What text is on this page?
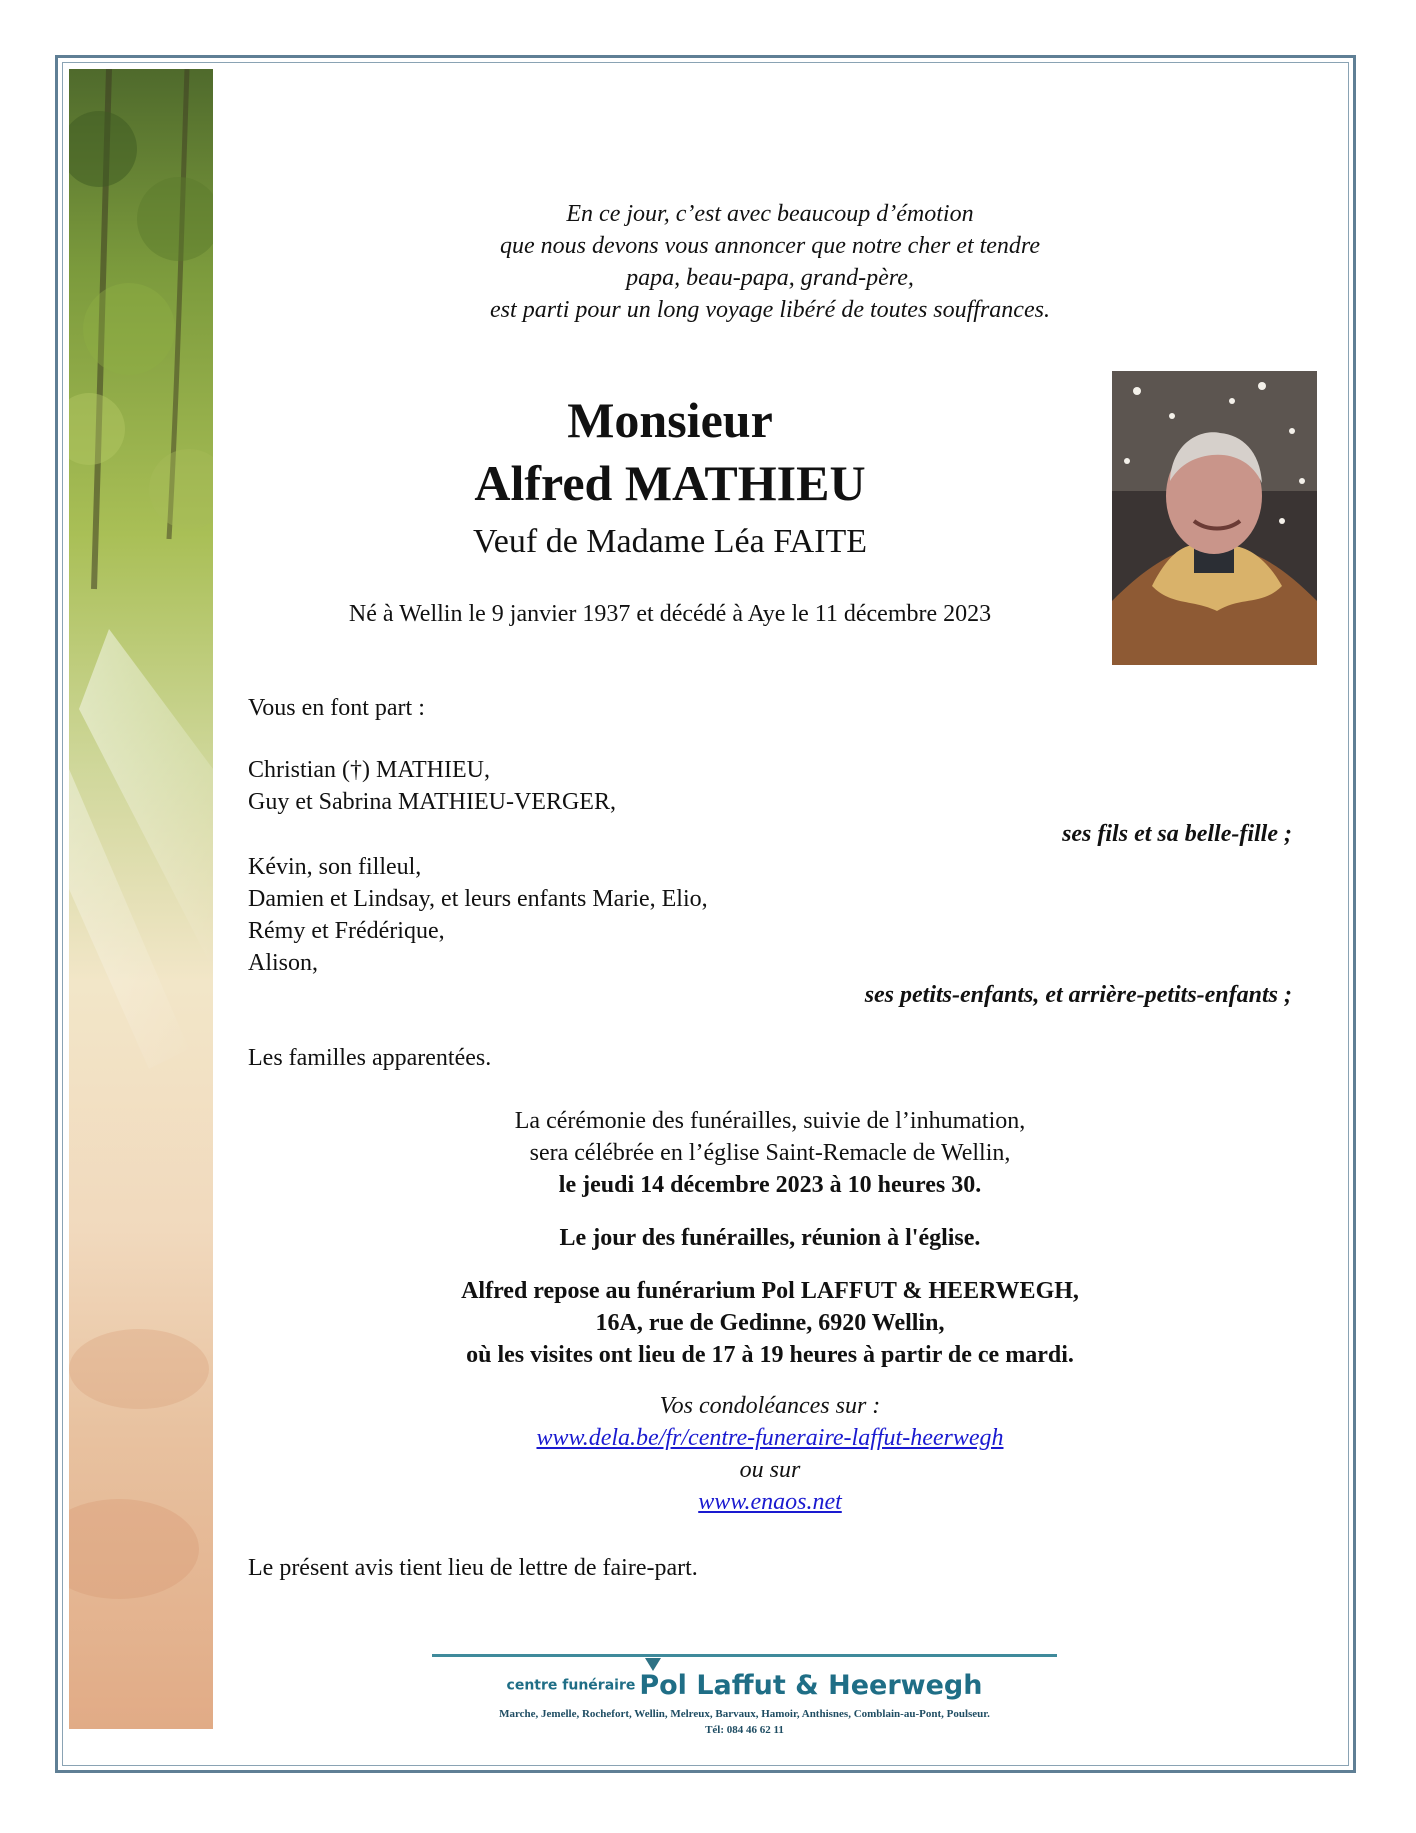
En ce jour, c’est avec beaucoup d’émotion
que nous devons vous annoncer que notre cher et tendre
papa, beau-papa, grand-père,
est parti pour un long voyage libéré de toutes souffrances.
Monsieur
Alfred MATHIEU
Veuf de Madame Léa FAITE
Né à Wellin le 9 janvier 1937 et décédé à Aye le 11 décembre 2023
Vous en font part :
Christian (†) MATHIEU,
Guy et Sabrina MATHIEU-VERGER,
ses fils et sa belle-fille ;
Kévin, son filleul,
Damien et Lindsay, et leurs enfants Marie, Elio,
Rémy et Frédérique,
Alison,
ses petits-enfants, et arrière-petits-enfants ;
Les familles apparentées.
La cérémonie des funérailles, suivie de l’inhumation,
sera célébrée en l’église Saint-Remacle de Wellin,
le jeudi 14 décembre 2023 à 10 heures 30.
Le jour des funérailles, réunion à l'église.
Alfred repose au funérarium Pol LAFFUT & HEERWEGH,
16A, rue de Gedinne, 6920 Wellin,
où les visites ont lieu de 17 à 19 heures à partir de ce mardi.
Vos condoléances sur :
www.dela.be/fr/centre-funeraire-laffut-heerwegh
ou sur
www.enaos.net
Le présent avis tient lieu de lettre de faire-part.
centre funéraire Pol Laffut & Heerwegh
Marche, Jemelle, Rochefort, Wellin, Melreux, Barvaux, Hamoir, Anthisnes, Comblain-au-Pont, Poulseur.
Tél: 084 46 62 11
